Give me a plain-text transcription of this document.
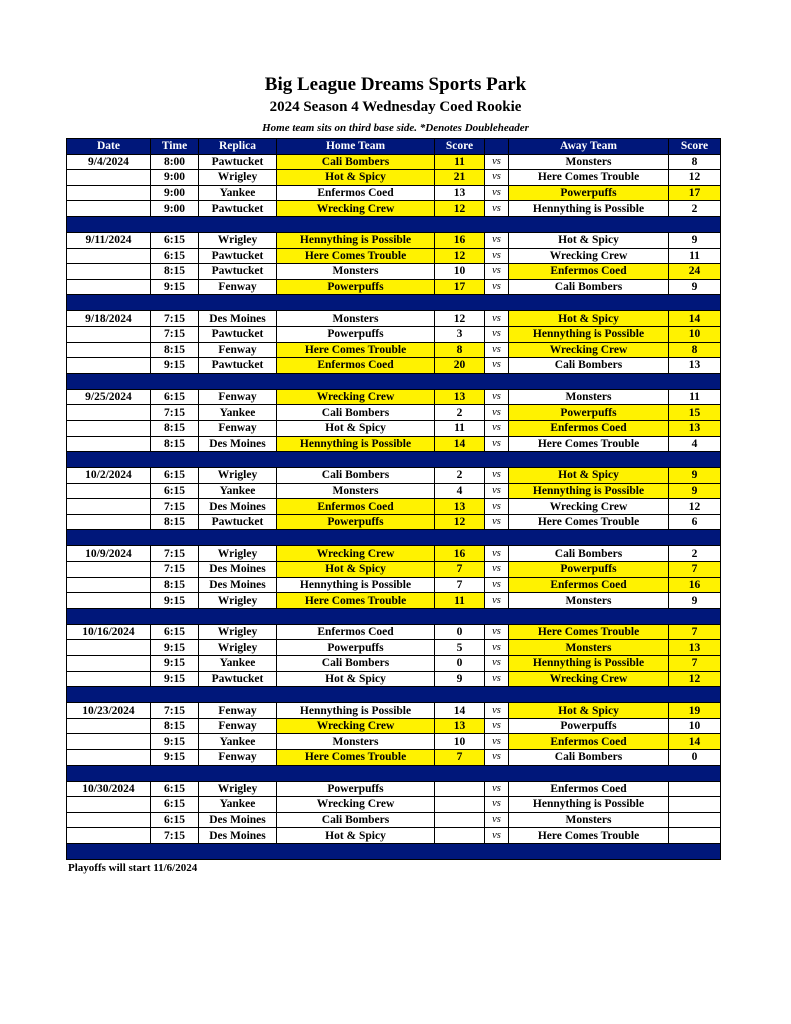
Big League Dreams Sports Park
2024 Season 4 Wednesday Coed Rookie
Home team sits on third base side. *Denotes Doubleheader
Date	Time	Replica	Home Team	Score		Away Team	Score
9/4/2024	8:00	Pawtucket	Cali Bombers	11	vs	Monsters	8
	9:00	Wrigley	Hot & Spicy	21	vs	Here Comes Trouble	12
	9:00	Yankee	Enfermos Coed	13	vs	Powerpuffs	17
	9:00	Pawtucket	Wrecking Crew	12	vs	Hennything is Possible	2

9/11/2024	6:15	Wrigley	Hennything is Possible	16	vs	Hot & Spicy	9
	6:15	Pawtucket	Here Comes Trouble	12	vs	Wrecking Crew	11
	8:15	Pawtucket	Monsters	10	vs	Enfermos Coed	24
	9:15	Fenway	Powerpuffs	17	vs	Cali Bombers	9

9/18/2024	7:15	Des Moines	Monsters	12	vs	Hot & Spicy	14
	7:15	Pawtucket	Powerpuffs	3	vs	Hennything is Possible	10
	8:15	Fenway	Here Comes Trouble	8	vs	Wrecking Crew	8
	9:15	Pawtucket	Enfermos Coed	20	vs	Cali Bombers	13

9/25/2024	6:15	Fenway	Wrecking Crew	13	vs	Monsters	11
	7:15	Yankee	Cali Bombers	2	vs	Powerpuffs	15
	8:15	Fenway	Hot & Spicy	11	vs	Enfermos Coed	13
	8:15	Des Moines	Hennything is Possible	14	vs	Here Comes Trouble	4

10/2/2024	6:15	Wrigley	Cali Bombers	2	vs	Hot & Spicy	9
	6:15	Yankee	Monsters	4	vs	Hennything is Possible	9
	7:15	Des Moines	Enfermos Coed	13	vs	Wrecking Crew	12
	8:15	Pawtucket	Powerpuffs	12	vs	Here Comes Trouble	6

10/9/2024	7:15	Wrigley	Wrecking Crew	16	vs	Cali Bombers	2
	7:15	Des Moines	Hot & Spicy	7	vs	Powerpuffs	7
	8:15	Des Moines	Hennything is Possible	7	vs	Enfermos Coed	16
	9:15	Wrigley	Here Comes Trouble	11	vs	Monsters	9

10/16/2024	6:15	Wrigley	Enfermos Coed	0	vs	Here Comes Trouble	7
	9:15	Wrigley	Powerpuffs	5	vs	Monsters	13
	9:15	Yankee	Cali Bombers	0	vs	Hennything is Possible	7
	9:15	Pawtucket	Hot & Spicy	9	vs	Wrecking Crew	12

10/23/2024	7:15	Fenway	Hennything is Possible	14	vs	Hot & Spicy	19
	8:15	Fenway	Wrecking Crew	13	vs	Powerpuffs	10
	9:15	Yankee	Monsters	10	vs	Enfermos Coed	14
	9:15	Fenway	Here Comes Trouble	7	vs	Cali Bombers	0

10/30/2024	6:15	Wrigley	Powerpuffs		vs	Enfermos Coed	
	6:15	Yankee	Wrecking Crew		vs	Hennything is Possible	
	6:15	Des Moines	Cali Bombers		vs	Monsters	
	7:15	Des Moines	Hot & Spicy		vs	Here Comes Trouble	

Playoffs will start 11/6/2024
